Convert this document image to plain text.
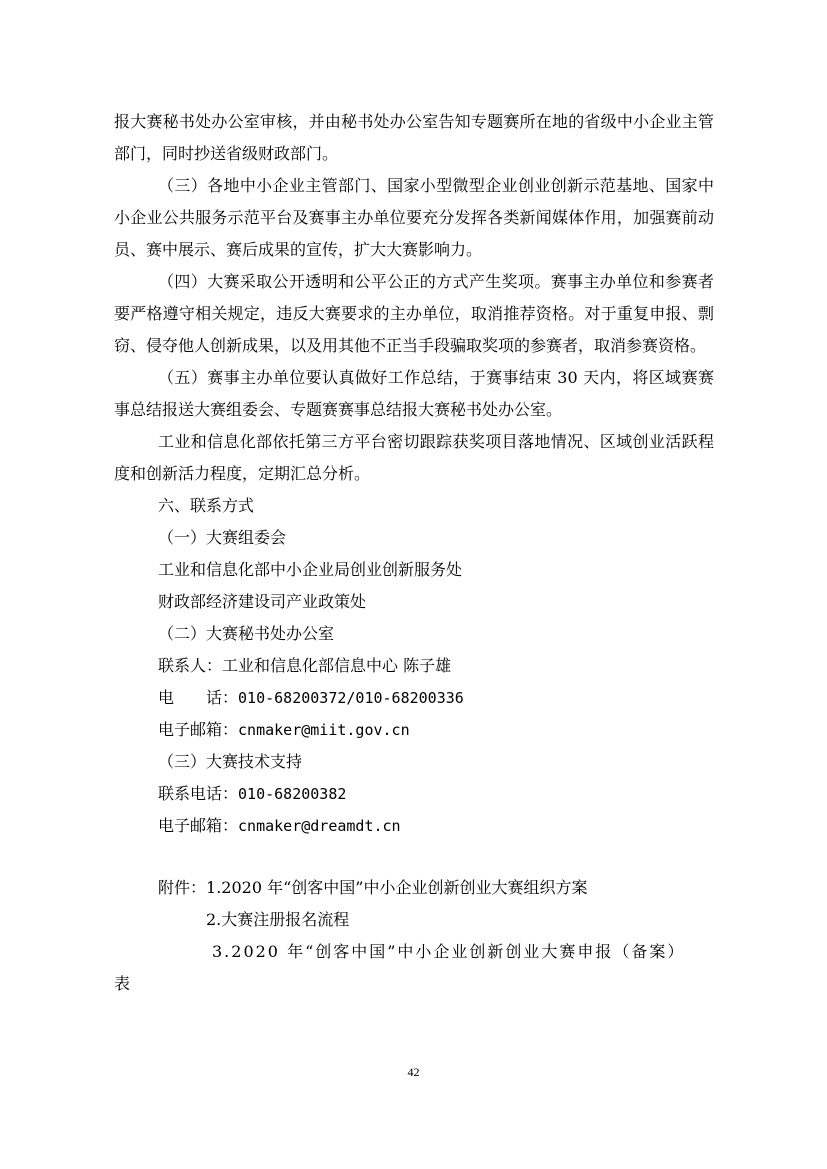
报大赛秘书处办公室审核，并由秘书处办公室告知专题赛所在地的省级中小企业主管部门，同时抄送省级财政部门。

（三）各地中小企业主管部门、国家小型微型企业创业创新示范基地、国家中小企业公共服务示范平台及赛事主办单位要充分发挥各类新闻媒体作用，加强赛前动员、赛中展示、赛后成果的宣传，扩大大赛影响力。

（四）大赛采取公开透明和公平公正的方式产生奖项。赛事主办单位和参赛者要严格遵守相关规定，违反大赛要求的主办单位，取消推荐资格。对于重复申报、剽窃、侵夺他人创新成果，以及用其他不正当手段骗取奖项的参赛者，取消参赛资格。

（五）赛事主办单位要认真做好工作总结，于赛事结束 30 天内，将区域赛赛事总结报送大赛组委会、专题赛赛事总结报大赛秘书处办公室。

工业和信息化部依托第三方平台密切跟踪获奖项目落地情况、区域创业活跃程度和创新活力程度，定期汇总分析。

六、联系方式

（一）大赛组委会

工业和信息化部中小企业局创业创新服务处

财政部经济建设司产业政策处

（二）大赛秘书处办公室

联系人：工业和信息化部信息中心 陈子雄

电　　话：010-68200372/010-68200336

电子邮箱：cnmaker@miit.gov.cn

（三）大赛技术支持

联系电话：010-68200382

电子邮箱：cnmaker@dreamdt.cn

附件：1.2020 年“创客中国”中小企业创新创业大赛组织方案

2.大赛注册报名流程

3.2020 年“创客中国”中小企业创新创业大赛申报（备案）

表

42
